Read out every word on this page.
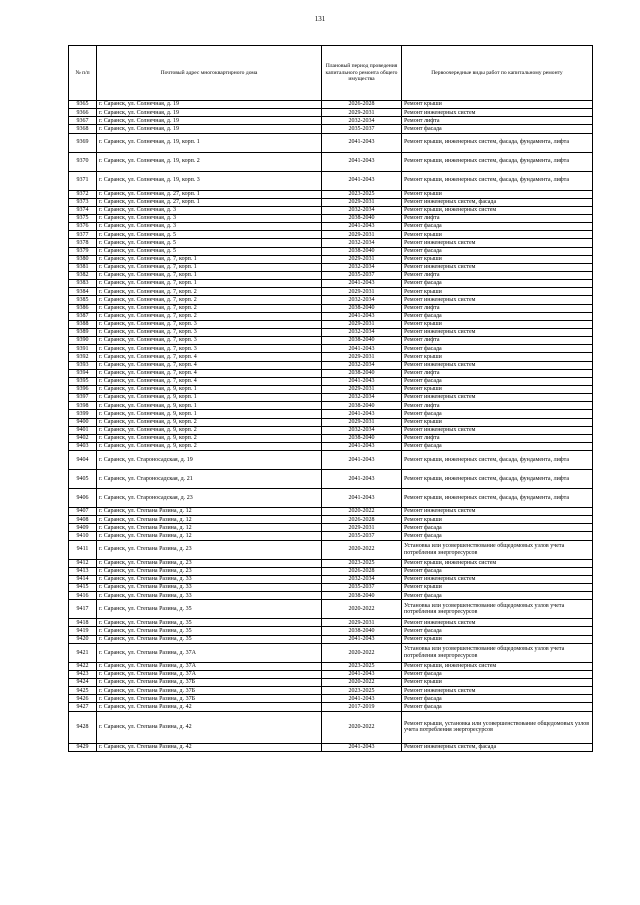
131
№ п/п	Почтовый адрес многоквартирного дома	Плановый период проведения капитального ремонта общего имущества	Первоочередные виды работ по капитальному ремонту
9365	г. Саранск, ул. Солнечная, д. 19	2026-2028	Ремонт крыши
9366	г. Саранск, ул. Солнечная, д. 19	2029-2031	Ремонт инженерных систем
9367	г. Саранск, ул. Солнечная, д. 19	2032-2034	Ремонт лифта
9368	г. Саранск, ул. Солнечная, д. 19	2035-2037	Ремонт фасада
9369	г. Саранск, ул. Солнечная, д. 19, корп. 1	2041-2043	Ремонт крыши, инженерных систем, фасада, фундамента, лифта
9370	г. Саранск, ул. Солнечная, д. 19, корп. 2	2041-2043	Ремонт крыши, инженерных систем, фасада, фундамента, лифта
9371	г. Саранск, ул. Солнечная, д. 19, корп. 3	2041-2043	Ремонт крыши, инженерных систем, фасада, фундамента, лифта
9372	г. Саранск, ул. Солнечная, д. 27, корп. 1	2023-2025	Ремонт крыши
9373	г. Саранск, ул. Солнечная, д. 27, корп. 1	2029-2031	Ремонт инженерных систем, фасада
9374	г. Саранск, ул. Солнечная, д. 3	2032-2034	Ремонт крыши, инженерных систем
9375	г. Саранск, ул. Солнечная, д. 3	2038-2040	Ремонт лифта
9376	г. Саранск, ул. Солнечная, д. 3	2041-2043	Ремонт фасада
9377	г. Саранск, ул. Солнечная, д. 5	2029-2031	Ремонт крыши
9378	г. Саранск, ул. Солнечная, д. 5	2032-2034	Ремонт инженерных систем
9379	г. Саранск, ул. Солнечная, д. 5	2038-2040	Ремонт фасада
9380	г. Саранск, ул. Солнечная, д. 7, корп. 1	2029-2031	Ремонт крыши
9381	г. Саранск, ул. Солнечная, д. 7, корп. 1	2032-2034	Ремонт инженерных систем
9382	г. Саранск, ул. Солнечная, д. 7, корп. 1	2035-2037	Ремонт лифта
9383	г. Саранск, ул. Солнечная, д. 7, корп. 1	2041-2043	Ремонт фасада
9384	г. Саранск, ул. Солнечная, д. 7, корп. 2	2029-2031	Ремонт крыши
9385	г. Саранск, ул. Солнечная, д. 7, корп. 2	2032-2034	Ремонт инженерных систем
9386	г. Саранск, ул. Солнечная, д. 7, корп. 2	2038-2040	Ремонт лифта
9387	г. Саранск, ул. Солнечная, д. 7, корп. 2	2041-2043	Ремонт фасада
9388	г. Саранск, ул. Солнечная, д. 7, корп. 3	2029-2031	Ремонт крыши
9389	г. Саранск, ул. Солнечная, д. 7, корп. 3	2032-2034	Ремонт инженерных систем
9390	г. Саранск, ул. Солнечная, д. 7, корп. 3	2038-2040	Ремонт лифта
9391	г. Саранск, ул. Солнечная, д. 7, корп. 3	2041-2043	Ремонт фасада
9392	г. Саранск, ул. Солнечная, д. 7, корп. 4	2029-2031	Ремонт крыши
9393	г. Саранск, ул. Солнечная, д. 7, корп. 4	2032-2034	Ремонт инженерных систем
9394	г. Саранск, ул. Солнечная, д. 7, корп. 4	2038-2040	Ремонт лифта
9395	г. Саранск, ул. Солнечная, д. 7, корп. 4	2041-2043	Ремонт фасада
9396	г. Саранск, ул. Солнечная, д. 9, корп. 1	2029-2031	Ремонт крыши
9397	г. Саранск, ул. Солнечная, д. 9, корп. 1	2032-2034	Ремонт инженерных систем
9398	г. Саранск, ул. Солнечная, д. 9, корп. 1	2038-2040	Ремонт лифта
9399	г. Саранск, ул. Солнечная, д. 9, корп. 1	2041-2043	Ремонт фасада
9400	г. Саранск, ул. Солнечная, д. 9, корп. 2	2029-2031	Ремонт крыши
9401	г. Саранск, ул. Солнечная, д. 9, корп. 2	2032-2034	Ремонт инженерных систем
9402	г. Саранск, ул. Солнечная, д. 9, корп. 2	2038-2040	Ремонт лифта
9403	г. Саранск, ул. Солнечная, д. 9, корп. 2	2041-2043	Ремонт фасада
9404	г. Саранск, ул. Староносадская, д. 19	2041-2043	Ремонт крыши, инженерных систем, фасада, фундамента, лифта
9405	г. Саранск, ул. Староносадская, д. 21	2041-2043	Ремонт крыши, инженерных систем, фасада, фундамента, лифта
9406	г. Саранск, ул. Староносадская, д. 23	2041-2043	Ремонт крыши, инженерных систем, фасада, фундамента, лифта
9407	г. Саранск, ул. Степана Разина, д. 12	2020-2022	Ремонт инженерных систем
9408	г. Саранск, ул. Степана Разина, д. 12	2026-2028	Ремонт крыши
9409	г. Саранск, ул. Степана Разина, д. 12	2029-2031	Ремонт фасада
9410	г. Саранск, ул. Степана Разина, д. 12	2035-2037	Ремонт фасада
9411	г. Саранск, ул. Степана Разина, д. 23	2020-2022	Установка или усовершенствование общедомовых узлов учета потребления энергоресурсов
9412	г. Саранск, ул. Степана Разина, д. 23	2023-2025	Ремонт крыши, инженерных систем
9413	г. Саранск, ул. Степана Разина, д. 23	2026-2028	Ремонт фасада
9414	г. Саранск, ул. Степана Разина, д. 33	2032-2034	Ремонт инженерных систем
9415	г. Саранск, ул. Степана Разина, д. 33	2035-2037	Ремонт крыши
9416	г. Саранск, ул. Степана Разина, д. 33	2038-2040	Ремонт фасада
9417	г. Саранск, ул. Степана Разина, д. 35	2020-2022	Установка или усовершенствование общедомовых узлов учета потребления энергоресурсов
9418	г. Саранск, ул. Степана Разина, д. 35	2029-2031	Ремонт инженерных систем
9419	г. Саранск, ул. Степана Разина, д. 35	2038-2040	Ремонт фасада
9420	г. Саранск, ул. Степана Разина, д. 35	2041-2043	Ремонт крыши
9421	г. Саранск, ул. Степана Разина, д. 37А	2020-2022	Установка или усовершенствование общедомовых узлов учета потребления энергоресурсов
9422	г. Саранск, ул. Степана Разина, д. 37А	2023-2025	Ремонт крыши, инженерных систем
9423	г. Саранск, ул. Степана Разина, д. 37А	2041-2043	Ремонт фасада
9424	г. Саранск, ул. Степана Разина, д. 37Б	2020-2022	Ремонт крыши
9425	г. Саранск, ул. Степана Разина, д. 37Б	2023-2025	Ремонт инженерных систем
9426	г. Саранск, ул. Степана Разина, д. 37Б	2041-2043	Ремонт фасада
9427	г. Саранск, ул. Степана Разина, д. 42	2017-2019	Ремонт фасада
9428	г. Саранск, ул. Степана Разина, д. 42	2020-2022	Ремонт крыши, установка или усовершенствование общедомовых узлов учета потребления энергоресурсов
9429	г. Саранск, ул. Степана Разина, д. 42	2041-2043	Ремонт инженерных систем, фасада
